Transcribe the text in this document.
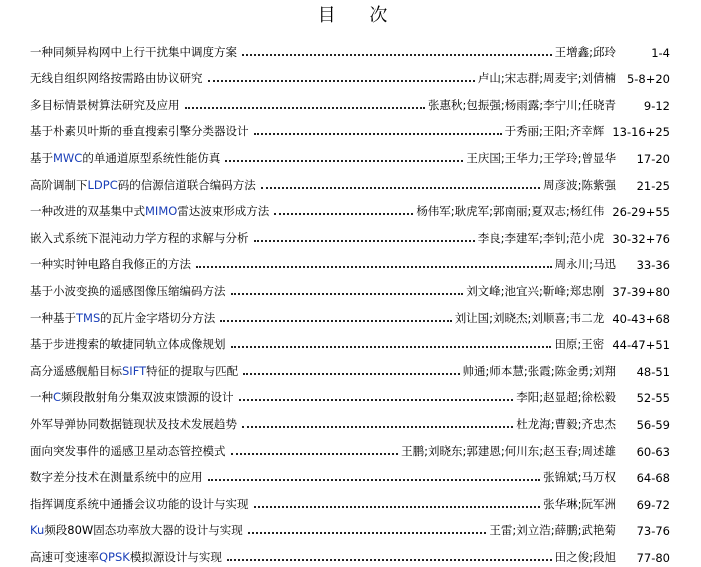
目 次
一种同频异构网中上行干扰集中调度方案	王增鑫;邱玲	1-4
无线自组织网络按需路由协议研究	卢山;宋志群;周麦宇;刘倩楠 5-8+20
多目标情景树算法研究及应用	张惠秋;包振强;杨雨露;李宁川;任晓青	9-12
基于朴素贝叶斯的垂直搜索引擎分类器设计	于秀丽;王阳;齐幸辉 13-16+25
基于MWC的单通道原型系统性能仿真	王庆国;王华力;王学玲;曾显华	17-20
高阶调制下LDPC码的信源信道联合编码方法	周彦波;陈紫强	21-25
一种改进的双基集中式MIMO雷达波束形成方法	杨伟军;耿虎军;郭南丽;夏双志;杨红伟 26-29+55
嵌入式系统下混沌动力学方程的求解与分析	李良;李建军;李钊;范小虎 30-32+76
一种实时钟电路自我修正的方法	周永川;马迅	33-36
基于小波变换的遥感图像压缩编码方法	刘文峰;池宜兴;靳峰;郑忠刚 37-39+80
一种基于TMS的瓦片金字塔切分方法	刘让国;刘晓杰;刘顺喜;韦二龙 40-43+68
基于步进搜索的敏捷同轨立体成像规划	田原;王密 44-47+51
高分遥感舰船目标SIFT特征的提取与匹配	帅通;师本慧;张霞;陈金勇;刘翔	48-51
一种C频段散射角分集双波束馈源的设计	李阳;赵显超;徐松毅	52-55
外军导弹协同数据链现状及技术发展趋势	杜龙海;曹毅;齐忠杰	56-59
面向突发事件的遥感卫星动态管控模式	王鹏;刘晓东;郭建恩;何川东;赵玉春;周述雄	60-63
数字差分技术在测量系统中的应用	张锦斌;马万权	64-68
指挥调度系统中通播会议功能的设计与实现	张华琳;阮军洲	69-72
Ku频段80W固态功率放大器的设计与实现	王雷;刘立浩;薛鹏;武艳菊	73-76
高速可变速率QPSK模拟源设计与实现	田之俊;段旭	77-80
